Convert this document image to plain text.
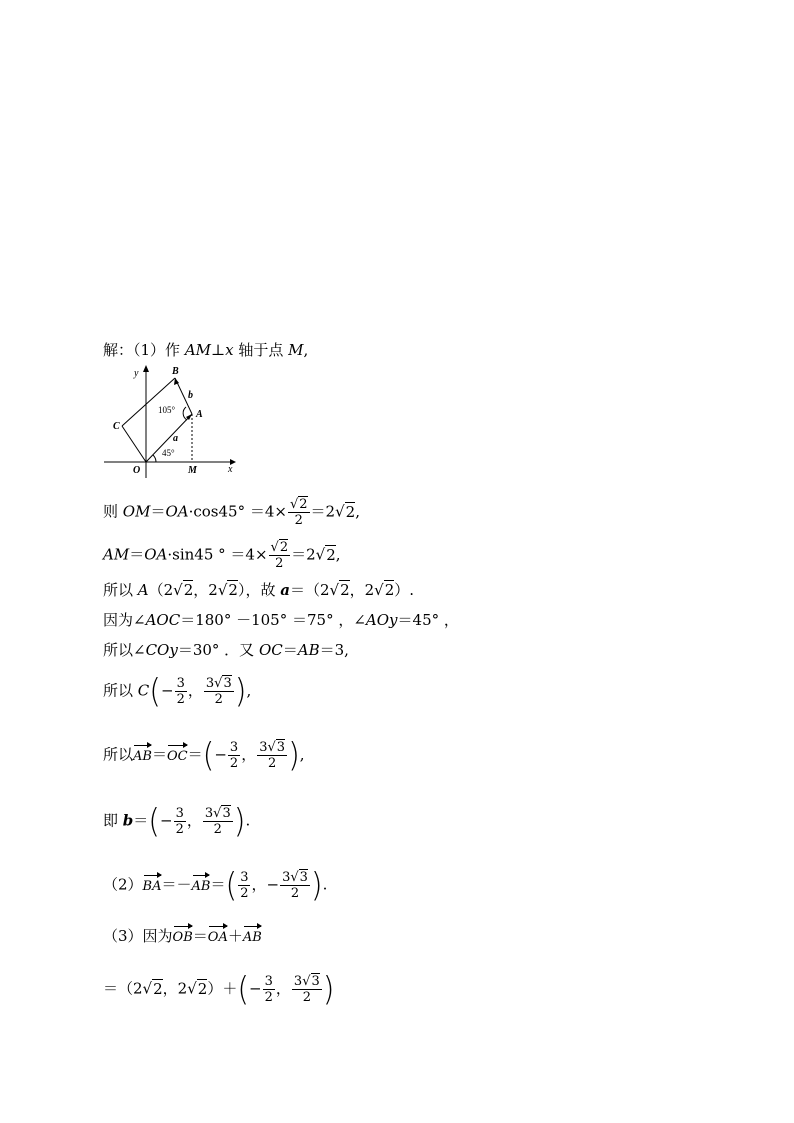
解：（1）作 AM⊥x 轴于点 M,
y
x
O	M
A
B
C
a
b
105°
45°
则 $OM=OA\cdot\cos 45^\circ =4\times \frac{√2}{2} =2√2$,
AM＝OA·sin45 ° $=4\times \frac{√2}{2} =2√2$,
所以 A（2√2，2√2），故 a＝（2√2，2√2）.
因为∠AOC＝180° －105° ＝75° ，∠AOy＝45° ，
所以∠COy＝30° ．又 OC＝AB＝3,
所以 $C(- \frac{3}{2}$ ， $\frac{3√3}{2}$ ),
所以$AB=OC=(- \frac{3}{2}$ ， $\frac{3√3}{2}$ ),
即 $b=(- \frac{3}{2}$ ， $\frac{3√3}{2}$ ).
$(2)BA=-AB=( \frac{3}{2}$ ，− $\frac{3√3}{2}$ ).
（3）因为OB＝OA＋AB
＝（2√2，$2√2)+(- \frac{3}{2}$ ， $\frac{3√3}{2}$ )
